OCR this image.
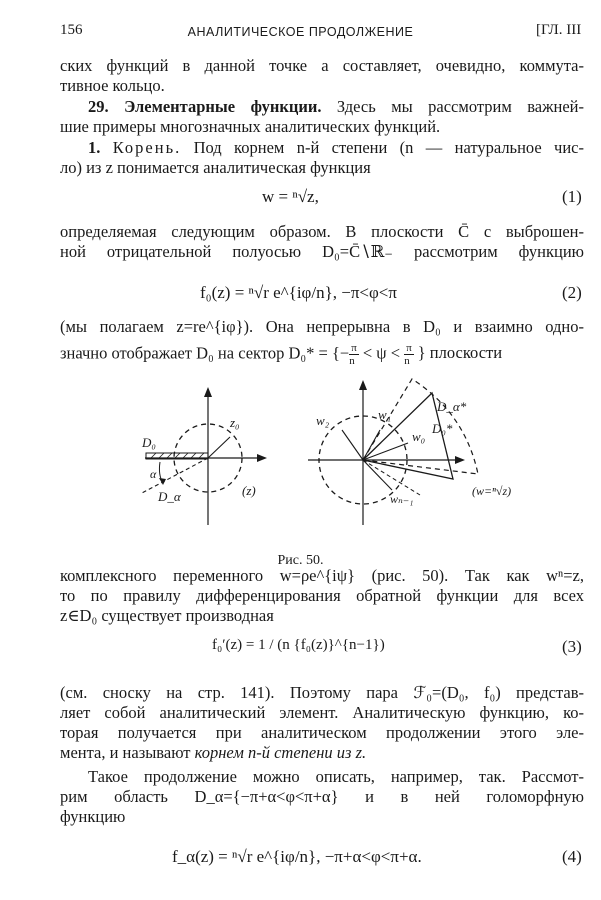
156	АНАЛИТИЧЕСКОЕ ПРОДОЛЖЕНИЕ	[ГЛ. III
ских функций в данной точке a составляет, очевидно, коммута-
тивное кольцо.
29. Элементарные функции. Здесь мы рассмотрим важней-
шие примеры многозначных аналитических функций.
1. Корень. Под корнем n-й степени (n — натуральное чис-
ло) из z понимается аналитическая функция
w = ⁿ√z,	(1)
определяемая следующим образом. В плоскости C̄ с выброшен-
ной отрицательной полуосью D₀=C̄∖ℝ₋ рассмотрим функцию
f₀(z) = ⁿ√r e^{iφ/n}, −π<φ<π	(2)
(мы полагаем z=re^{iφ}). Она непрерывна в D₀ и взаимно одно-
значно отображает D₀ на сектор D₀* = {− $\frac{\pi}{n} < \psi < \frac{\pi}{n}$ } плоскости
D₀
z₀
α
D_α	(z)
w₂	w₁
w₀
D₀*
D_α*
wₙ₋₁
(w=ⁿ√z)
Рис. 50.
комплексного переменного w=ρe^{iψ} (рис. 50). Так как wⁿ=z,
то по правилу дифференцирования обратной функции для всех
z∈D₀ существует производная
f₀′(z) = 1 / (n {f₀(z)}^{n−1})	(3)
(см. сноску на стр. 141). Поэтому пара ℱ₀=(D₀, f₀) представ-
ляет собой аналитический элемент. Аналитическую функцию, ко-
торая получается при аналитическом продолжении этого эле-
мента, и называют корнем n-й степени из z.
Такое продолжение можно описать, например, так. Рассмот-
рим область D_α={−π+α<φ<π+α} и в ней голоморфную
функцию
f_α(z) = ⁿ√r e^{iφ/n}, −π+α<φ<π+α.	(4)
